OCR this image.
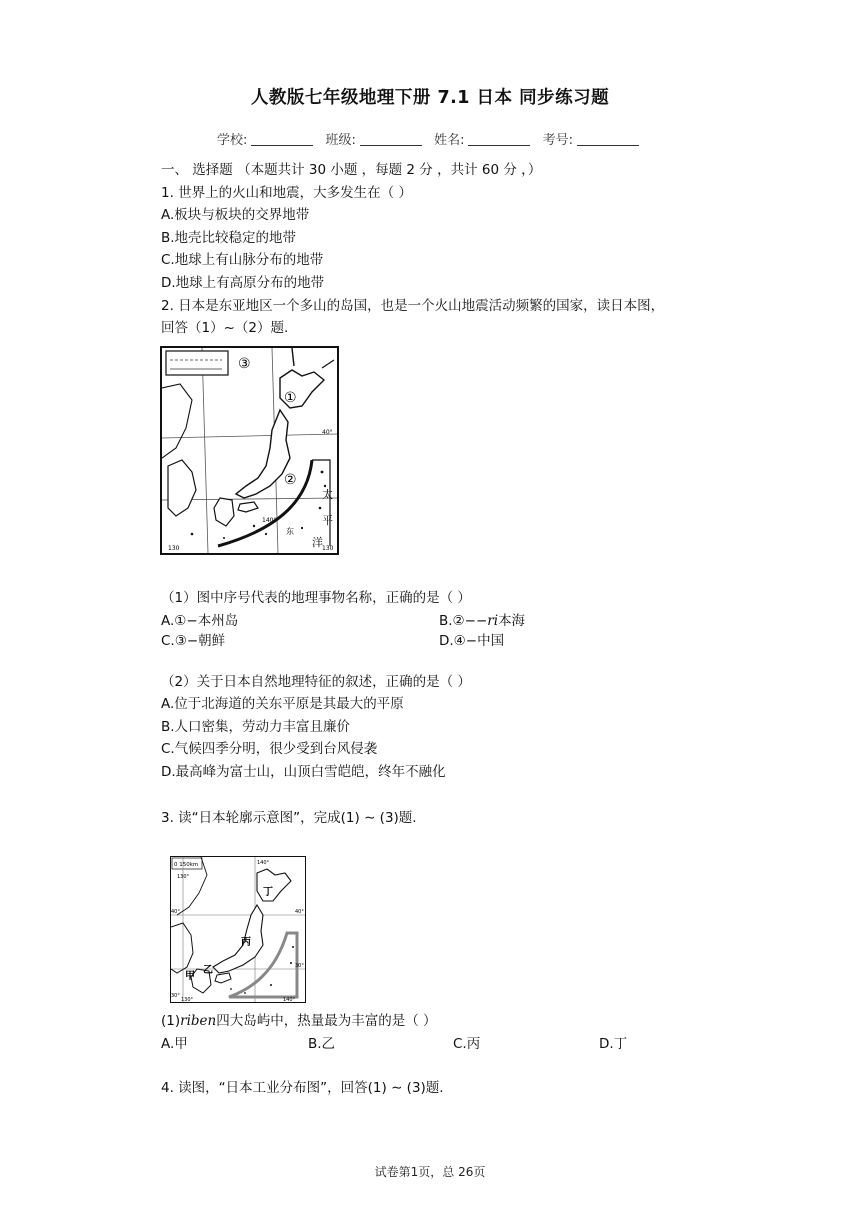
人教版七年级地理下册 7.1 日本 同步练习题
学校:	班级:	姓名:	考号:
一、 选择题 （本题共计 30 小题 ，每题 2 分 ，共计 60 分 ，）
1. 世界上的火山和地震，大多发生在（ ）
A.板块与板块的交界地带
B.地壳比较稳定的地带
C.地球上有山脉分布的地带
D.地球上有高原分布的地带
2. 日本是东亚地区一个多山的岛国，也是一个火山地震活动频繁的国家，读日本图，
回答（1）~（2）题.
③
①
②
40°
140°
130	130
太
平
洋
东
（1）图中序号代表的地理事物名称，正确的是（ ）
A.①−本州岛	B.②−−ri本海
C.③−朝鲜	D.④−中国
（2）关于日本自然地理特征的叙述，正确的是（ ）
A.位于北海道的关东平原是其最大的平原
B.人口密集，劳动力丰富且廉价
C.气候四季分明，很少受到台风侵袭
D.最高峰为富士山，山顶白雪皑皑，终年不融化
3. 读“日本轮廓示意图”，完成(1) ∼ (3)题.
0 150km
丁
丙
乙
甲
140°
130°
40°	40°
30°
30°
130°	140°
(1)riben四大岛屿中，热量最为丰富的是（ ）
A.甲	B.乙	C.丙	D.丁
4. 读图，“日本工业分布图”，回答(1) ∼ (3)题.
试卷第1页，总 26页
